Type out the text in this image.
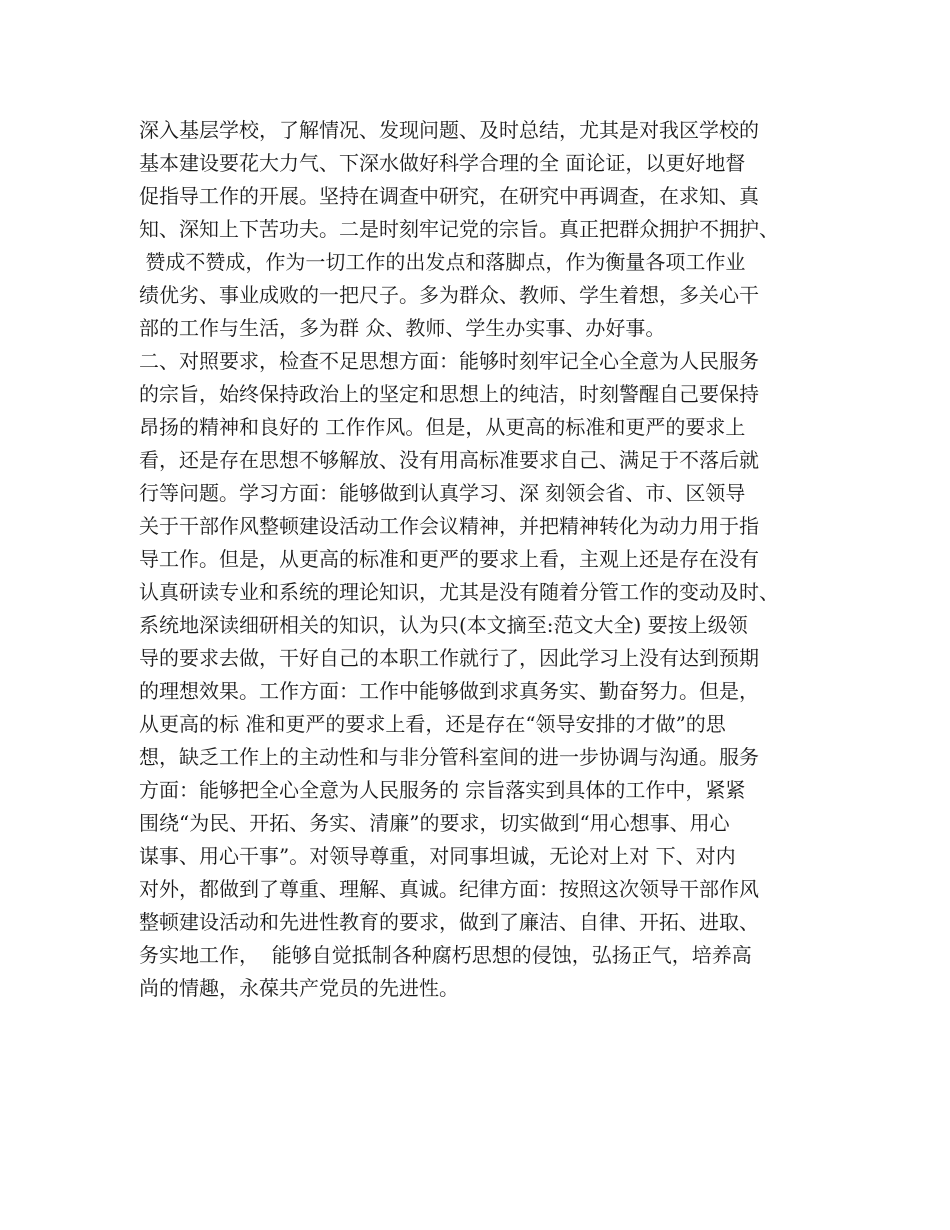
深入基层学校，了解情况、发现问题、及时总结，尤其是对我区学校的
基本建设要花大力气、下深水做好科学合理的全 面论证，以更好地督
促指导工作的开展。坚持在调查中研究，在研究中再调查，在求知、真
知、深知上下苦功夫。二是时刻牢记党的宗旨。真正把群众拥护不拥护、
赞成不赞成，作为一切工作的出发点和落脚点，作为衡量各项工作业
绩优劣、事业成败的一把尺子。多为群众、教师、学生着想，多关心干
部的工作与生活，多为群 众、教师、学生办实事、办好事。
二、对照要求，检查不足思想方面：能够时刻牢记全心全意为人民服务
的宗旨，始终保持政治上的坚定和思想上的纯洁，时刻警醒自己要保持
昂扬的精神和良好的 工作作风。但是，从更高的标准和更严的要求上
看，还是存在思想不够解放、没有用高标准要求自己、满足于不落后就
行等问题。学习方面：能够做到认真学习、深 刻领会省、市、区领导
关于干部作风整顿建设活动工作会议精神，并把精神转化为动力用于指
导工作。但是，从更高的标准和更严的要求上看，主观上还是存在没有
认真研读专业和系统的理论知识，尤其是没有随着分管工作的变动及时、
系统地深读细研相关的知识，认为只(本文摘至:范文大全) 要按上级领
导的要求去做，干好自己的本职工作就行了，因此学习上没有达到预期
的理想效果。工作方面：工作中能够做到求真务实、勤奋努力。但是，
从更高的标 准和更严的要求上看，还是存在“领导安排的才做”的思
想，缺乏工作上的主动性和与非分管科室间的进一步协调与沟通。服务
方面：能够把全心全意为人民服务的 宗旨落实到具体的工作中，紧紧
围绕“为民、开拓、务实、清廉”的要求，切实做到“用心想事、用心
谋事、用心干事”。对领导尊重，对同事坦诚，无论对上对 下、对内
对外，都做到了尊重、理解、真诚。纪律方面：按照这次领导干部作风
整顿建设活动和先进性教育的要求，做到了廉洁、自律、开拓、进取、
务实地工作，  能够自觉抵制各种腐朽思想的侵蚀，弘扬正气，培养高
尚的情趣，永葆共产党员的先进性。
